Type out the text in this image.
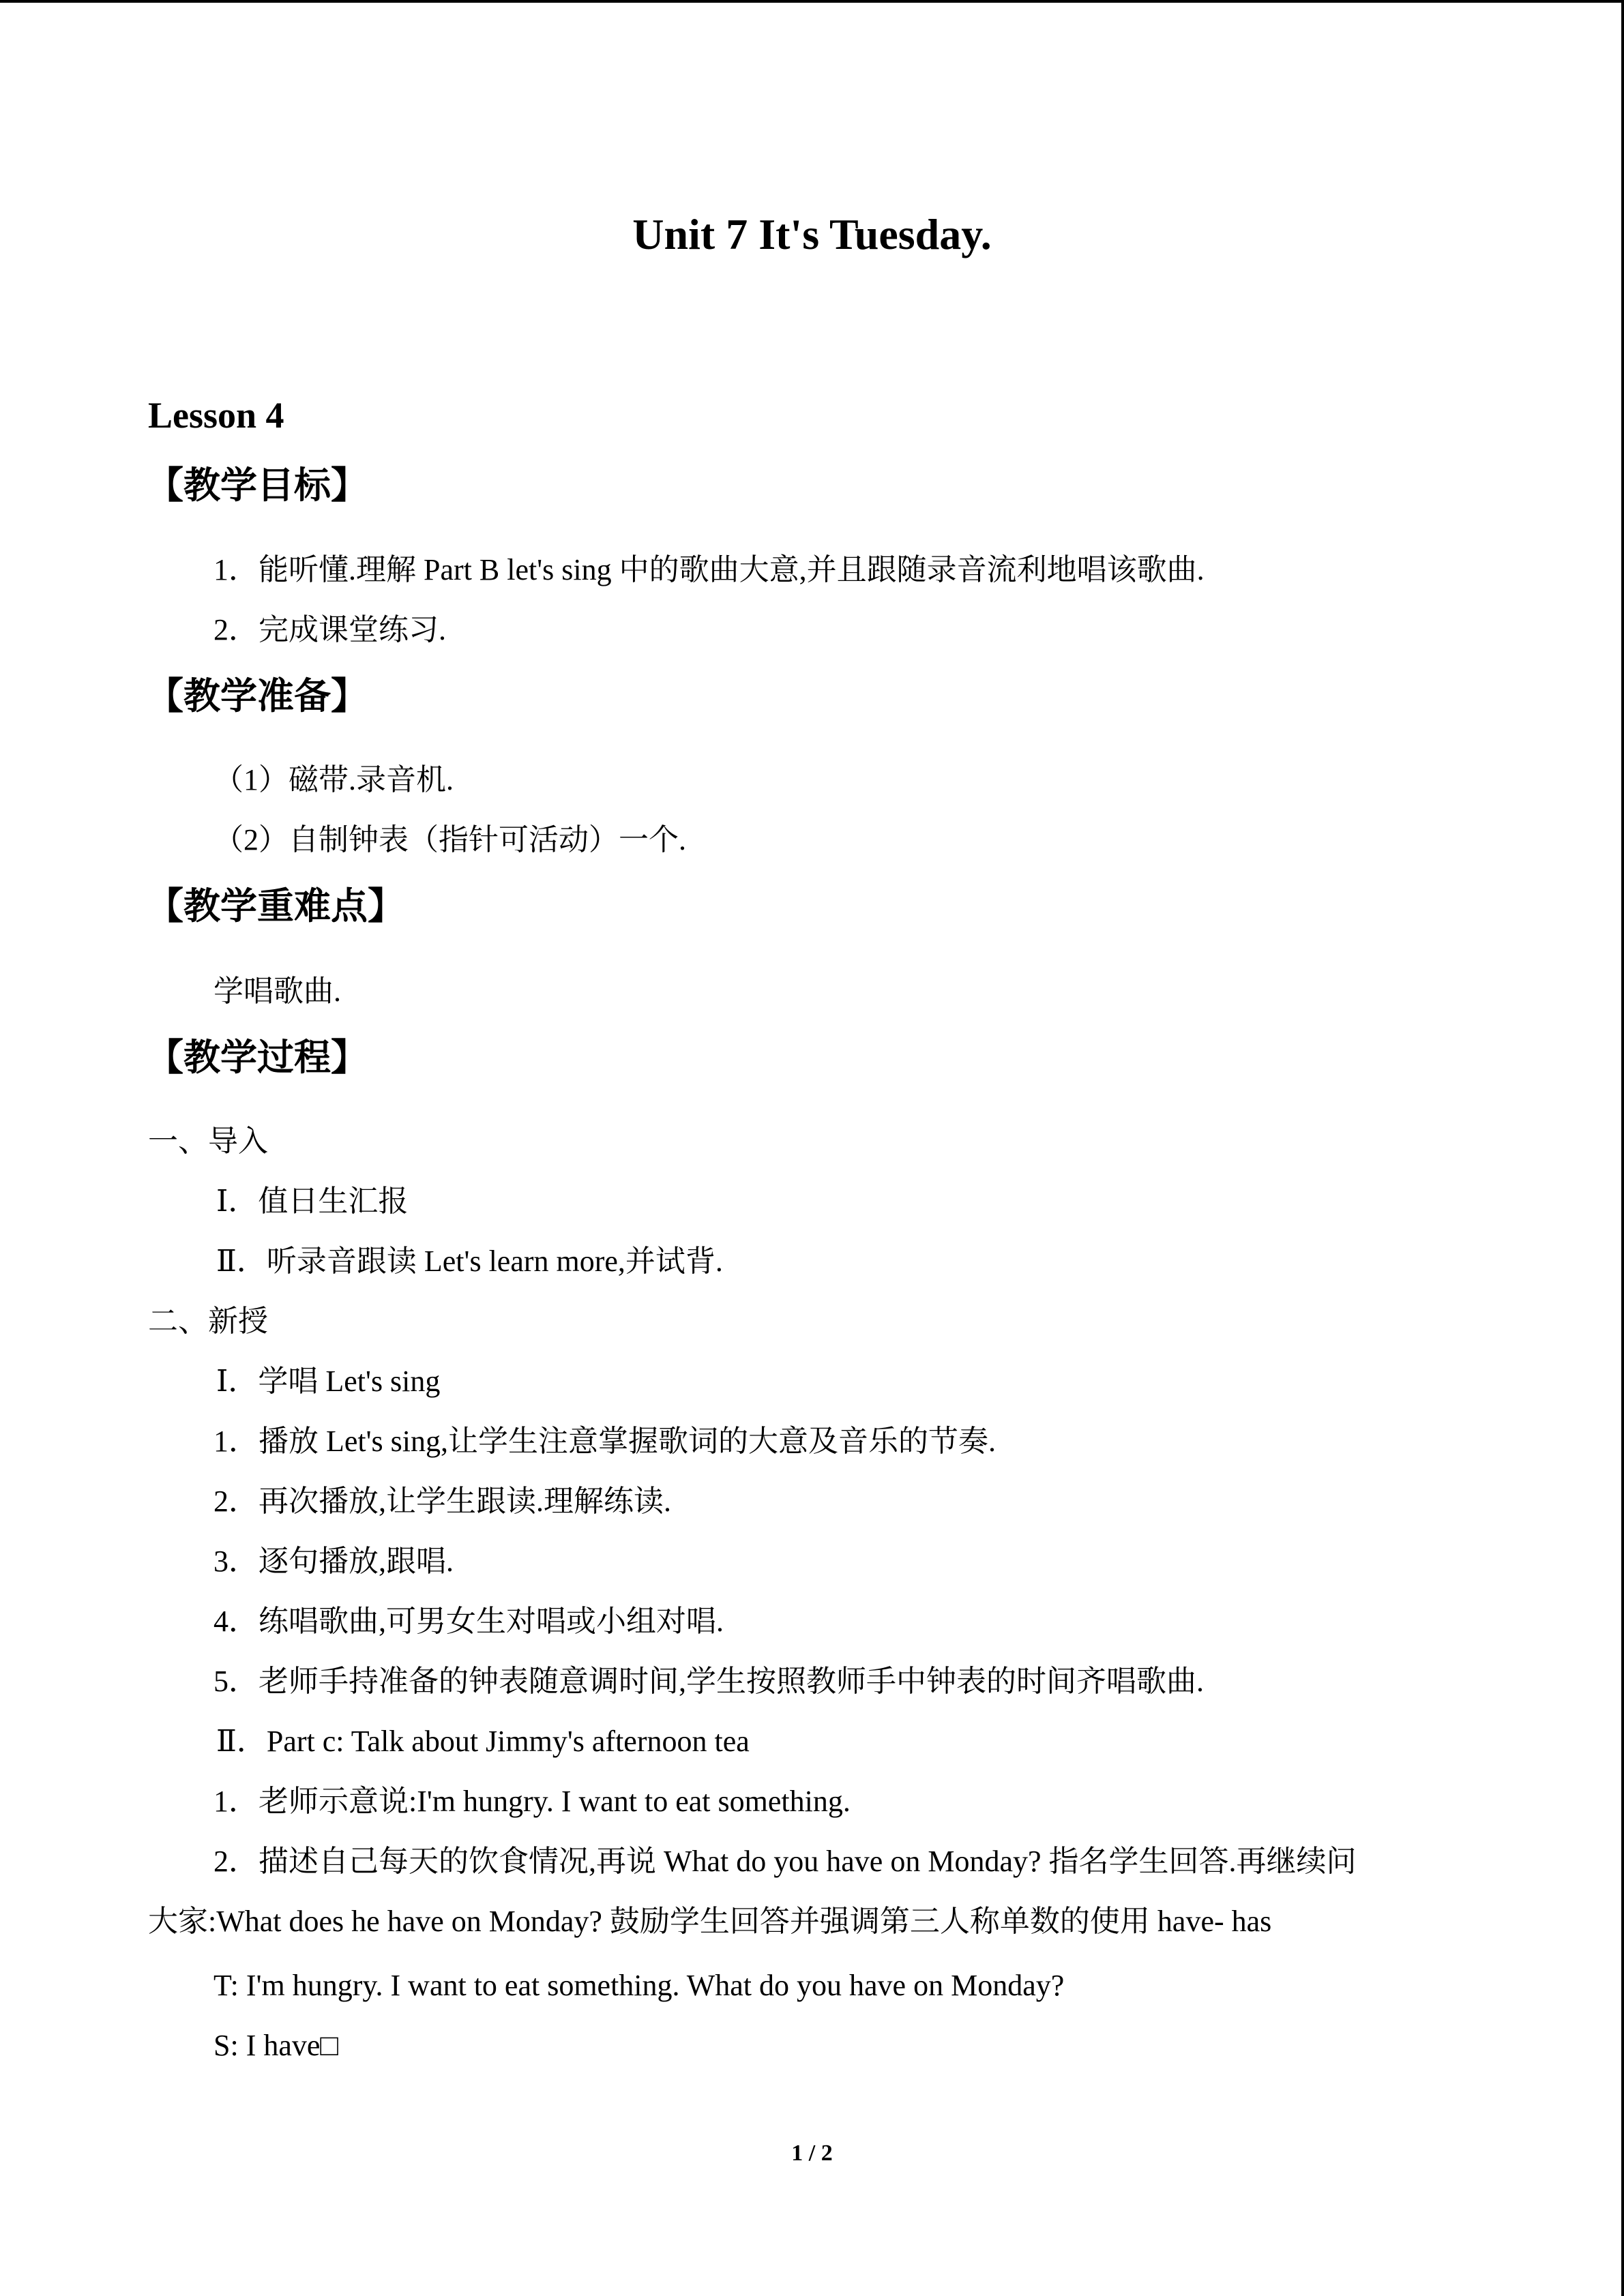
Unit 7 It's Tuesday.
Lesson 4
【教学目标】
1．能听懂.理解 Part B let's sing 中的歌曲大意,并且跟随录音流利地唱该歌曲.
2．完成课堂练习.
【教学准备】
（1）磁带.录音机.
（2）自制钟表（指针可活动）一个.
【教学重难点】
学唱歌曲.
【教学过程】
一、导入
Ⅰ．值日生汇报
Ⅱ．听录音跟读 Let's learn more,并试背.
二、新授
Ⅰ．学唱 Let's sing
1．播放 Let's sing,让学生注意掌握歌词的大意及音乐的节奏.
2．再次播放,让学生跟读.理解练读.
3．逐句播放,跟唱.
4．练唱歌曲,可男女生对唱或小组对唱.
5．老师手持准备的钟表随意调时间,学生按照教师手中钟表的时间齐唱歌曲.
Ⅱ．Part c: Talk about Jimmy's afternoon tea
1．老师示意说:I'm hungry. I want to eat something.
2．描述自己每天的饮食情况,再说 What do you have on Monday? 指名学生回答.再继续问
大家:What does he have on Monday? 鼓励学生回答并强调第三人称单数的使用 have- has
T: I'm hungry. I want to eat something. What do you have on Monday?
S: I have□
1 / 2
